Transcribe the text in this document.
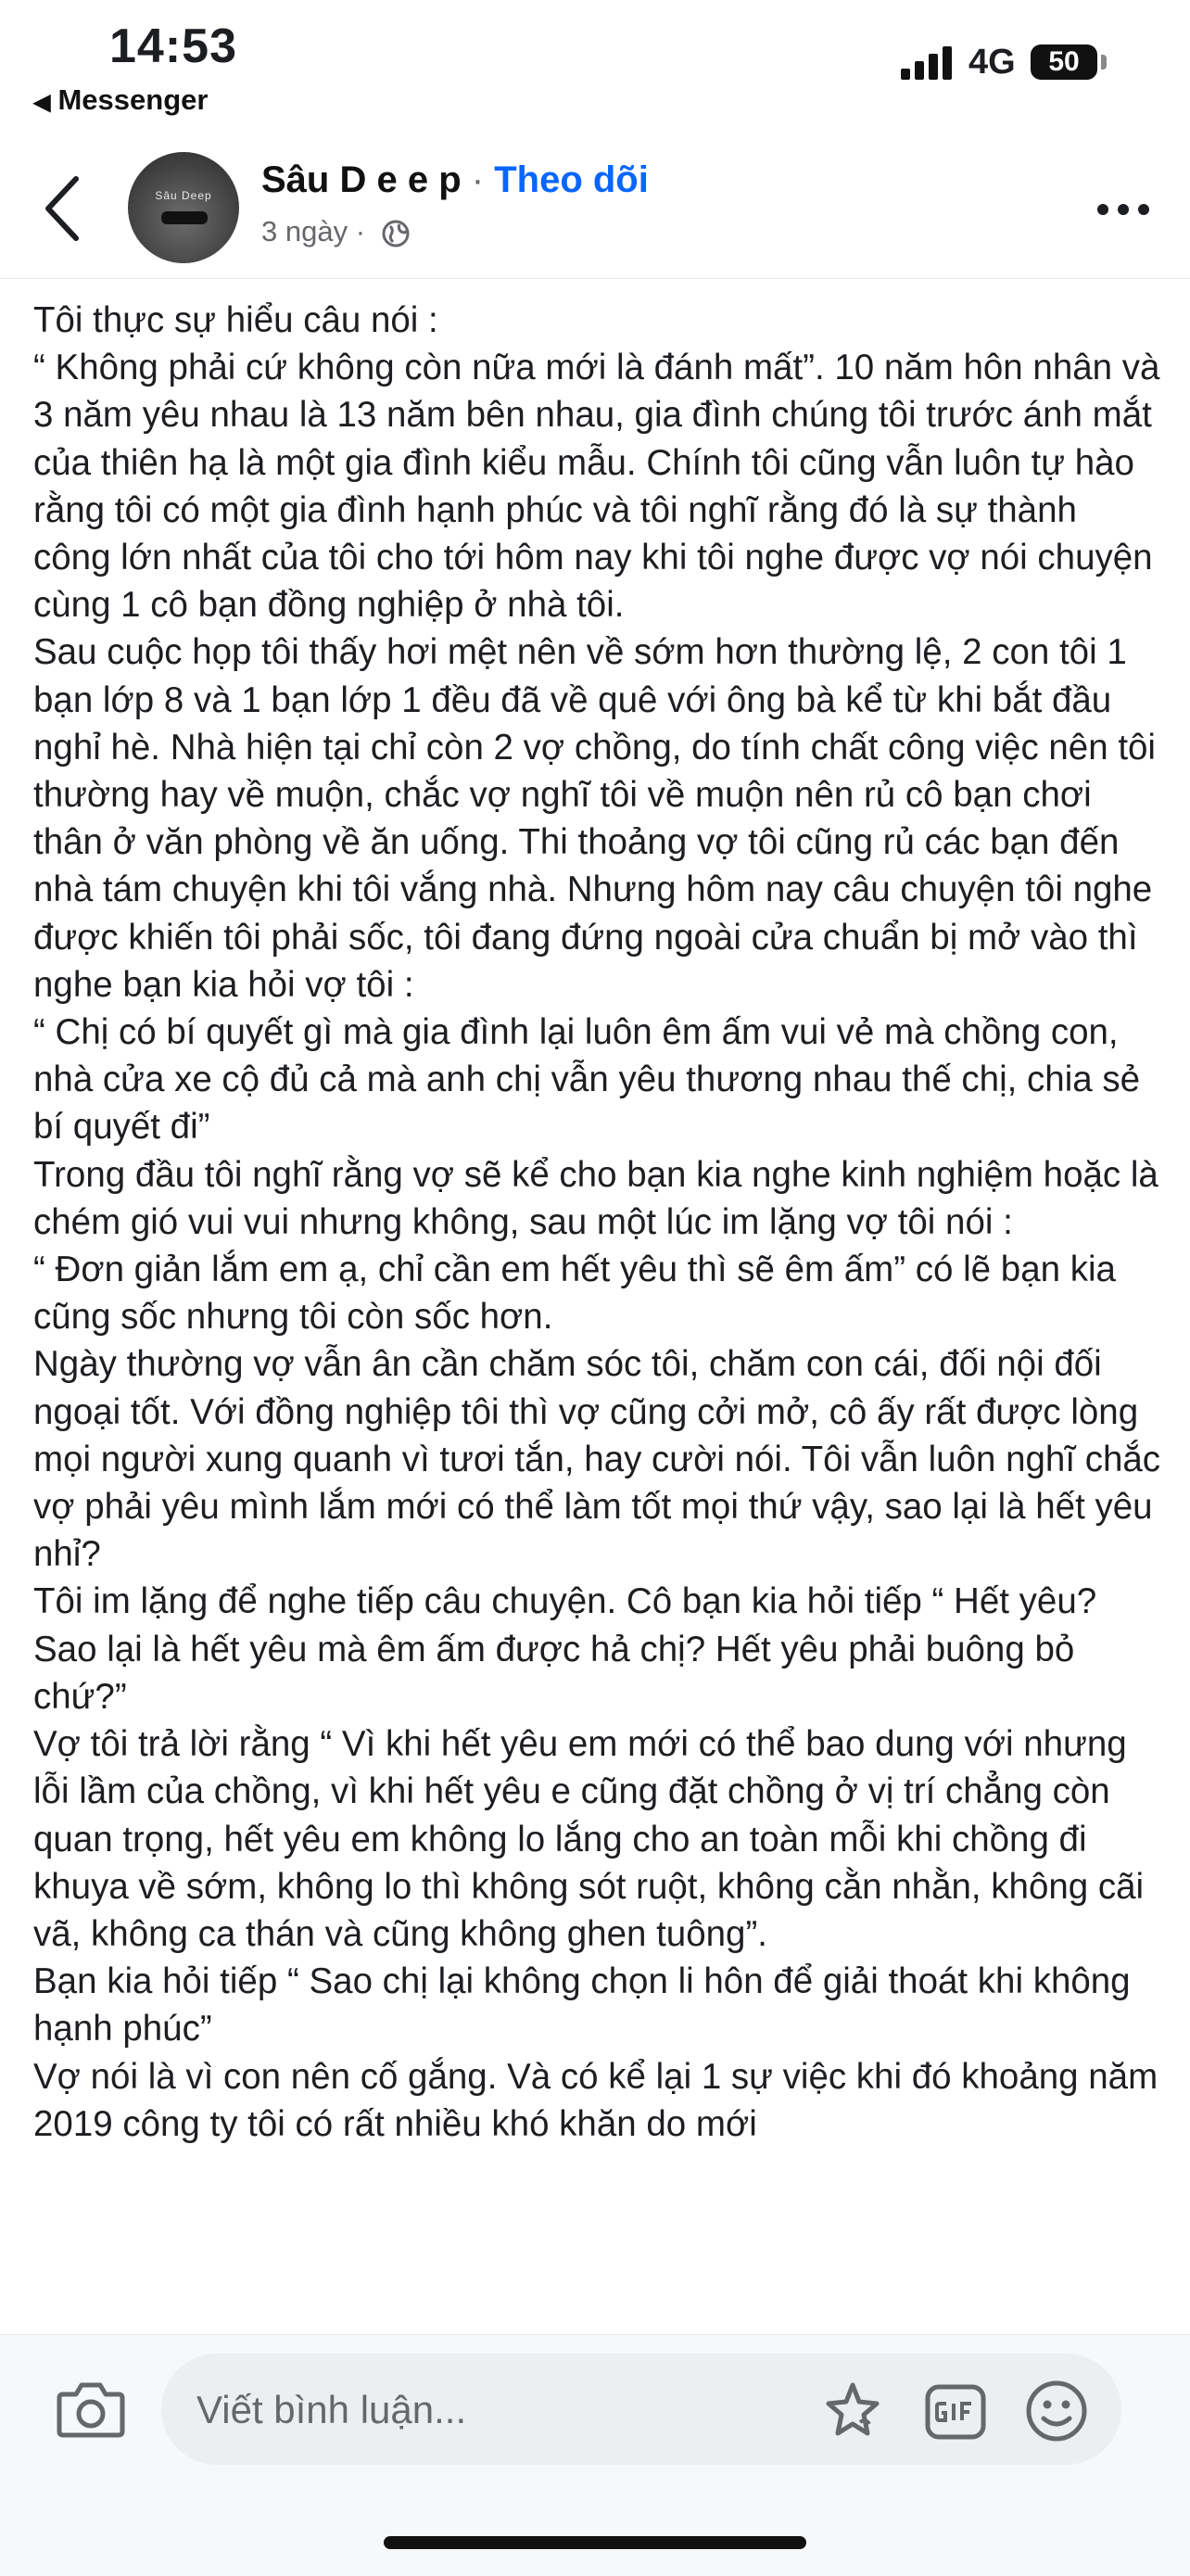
14:53
◀ Messenger
4G	50
Sâu Deep	Sâu D e e p · Theo dõi
3 ngày ·

Tôi thực sự hiểu câu nói :

“ Không phải cứ không còn nữa mới là đánh mất”. 10 năm hôn nhân và 3 năm yêu nhau là 13 năm bên nhau, gia đình chúng tôi trước ánh mắt của thiên hạ là một gia đình kiểu mẫu. Chính tôi cũng vẫn luôn tự hào rằng tôi có một gia đình hạnh phúc và tôi nghĩ rằng đó là sự thành công lớn nhất của tôi cho tới hôm nay khi tôi nghe được vợ nói chuyện cùng 1 cô bạn đồng nghiệp ở nhà tôi.

Sau cuộc họp tôi thấy hơi mệt nên về sớm hơn thường lệ, 2 con tôi 1 bạn lớp 8 và 1 bạn lớp 1 đều đã về quê với ông bà kể từ khi bắt đầu nghỉ hè. Nhà hiện tại chỉ còn 2 vợ chồng, do tính chất công việc nên tôi thường hay về muộn, chắc vợ nghĩ tôi về muộn nên rủ cô bạn chơi thân ở văn phòng về ăn uống. Thi thoảng vợ tôi cũng rủ các bạn đến nhà tám chuyện khi tôi vắng nhà. Nhưng hôm nay câu chuyện tôi nghe được khiến tôi phải sốc, tôi đang đứng ngoài cửa chuẩn bị mở vào thì nghe bạn kia hỏi vợ tôi :

“ Chị có bí quyết gì mà gia đình lại luôn êm ấm vui vẻ mà chồng con, nhà cửa xe cộ đủ cả mà anh chị vẫn yêu thương nhau thế chị, chia sẻ bí quyết đi”

Trong đầu tôi nghĩ rằng vợ sẽ kể cho bạn kia nghe kinh nghiệm hoặc là chém gió vui vui nhưng không, sau một lúc im lặng vợ tôi nói :

“ Đơn giản lắm em ạ, chỉ cần em hết yêu thì sẽ êm ấm” có lẽ bạn kia cũng sốc nhưng tôi còn sốc hơn.

Ngày thường vợ vẫn ân cần chăm sóc tôi, chăm con cái, đối nội đối ngoại tốt. Với đồng nghiệp tôi thì vợ cũng cởi mở, cô ấy rất được lòng mọi người xung quanh vì tươi tắn, hay cười nói. Tôi vẫn luôn nghĩ chắc vợ phải yêu mình lắm mới có thể làm tốt mọi thứ vậy, sao lại là hết yêu nhỉ?

Tôi im lặng để nghe tiếp câu chuyện. Cô bạn kia hỏi tiếp “ Hết yêu? Sao lại là hết yêu mà êm ấm được hả chị? Hết yêu phải buông bỏ chứ?”

Vợ tôi trả lời rằng “ Vì khi hết yêu em mới có thể bao dung với nhưng lỗi lầm của chồng, vì khi hết yêu e cũng đặt chồng ở vị trí chẳng còn quan trọng, hết yêu em không lo lắng cho an toàn mỗi khi chồng đi khuya về sớm, không lo thì không sót ruột, không cằn nhằn, không cãi vã, không ca thán và cũng không ghen tuông”.

Bạn kia hỏi tiếp “ Sao chị lại không chọn li hôn để giải thoát khi không hạnh phúc”

Vợ nói là vì con nên cố gắng. Và có kể lại 1 sự việc khi đó khoảng năm 2019 công ty tôi có rất nhiều khó khăn do mới

Viết bình luận...
